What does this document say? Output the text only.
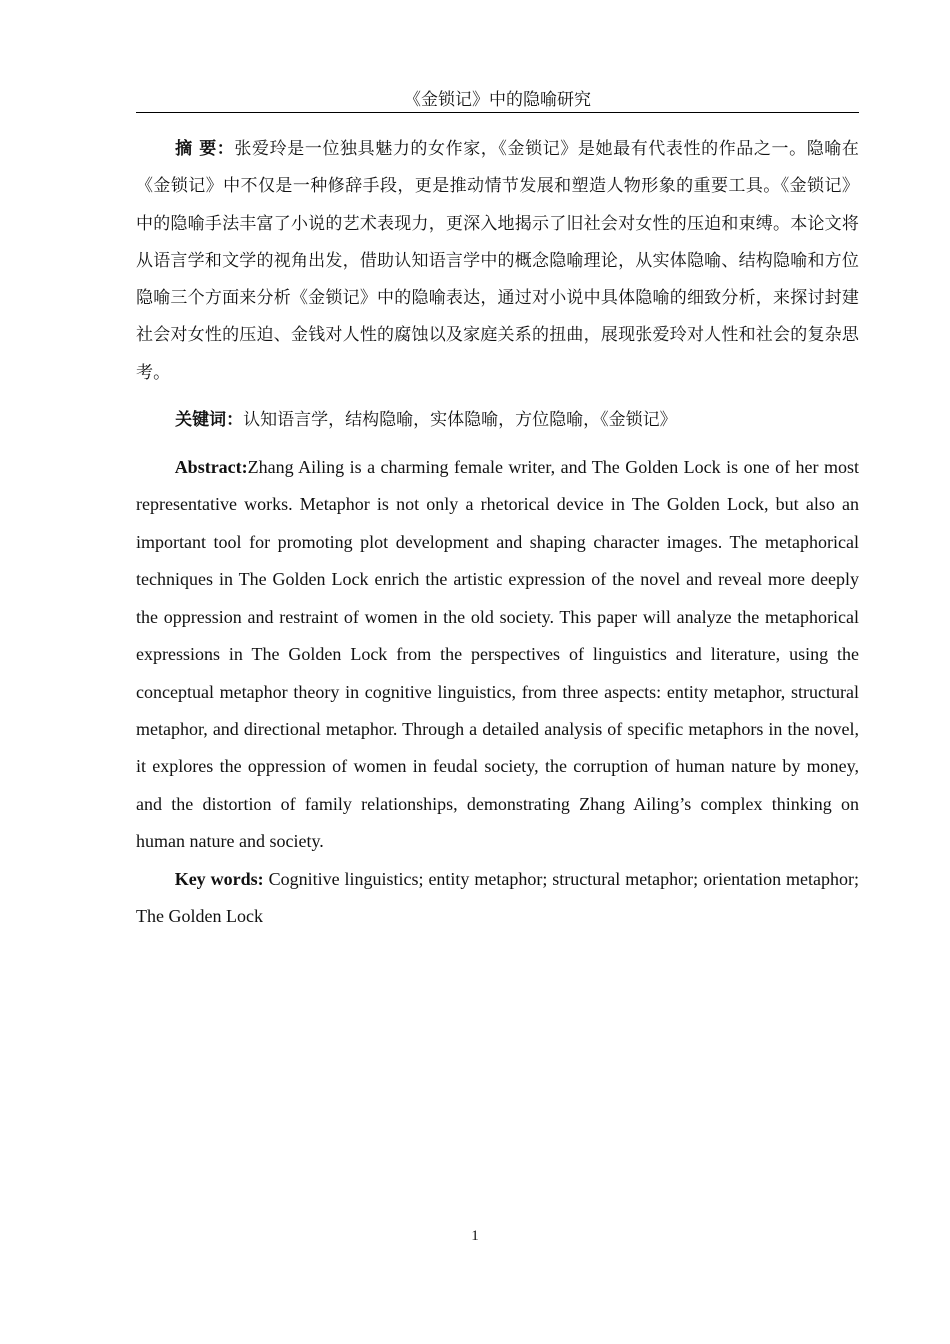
《金锁记》中的隐喻研究

摘 要：张爱玲是一位独具魅力的女作家，《金锁记》是她最有代表性的作品之一。隐喻在《金锁记》中不仅是一种修辞手段，更是推动情节发展和塑造人物形象的重要工具。《金锁记》中的隐喻手法丰富了小说的艺术表现力，更深入地揭示了旧社会对女性的压迫和束缚。本论文将从语言学和文学的视角出发，借助认知语言学中的概念隐喻理论，从实体隐喻、结构隐喻和方位隐喻三个方面来分析《金锁记》中的隐喻表达，通过对小说中具体隐喻的细致分析，来探讨封建社会对女性的压迫、金钱对人性的腐蚀以及家庭关系的扭曲，展现张爱玲对人性和社会的复杂思考。

关键词：认知语言学，结构隐喻，实体隐喻，方位隐喻，《金锁记》

Abstract:Zhang Ailing is a charming female writer, and The Golden Lock is one of her most representative works. Metaphor is not only a rhetorical device in The Golden Lock, but also an important tool for promoting plot development and shaping character images. The metaphorical techniques in The Golden Lock enrich the artistic expression of the novel and reveal more deeply the oppression and restraint of women in the old society. This paper will analyze the metaphorical expressions in The Golden Lock from the perspectives of linguistics and literature, using the conceptual metaphor theory in cognitive linguistics, from three aspects: entity metaphor, structural metaphor, and directional metaphor. Through a detailed analysis of specific metaphors in the novel, it explores the oppression of women in feudal society, the corruption of human nature by money, and the distortion of family relationships, demonstrating Zhang Ailing’s complex thinking on human nature and society.

Key words: Cognitive linguistics; entity metaphor; structural metaphor; orientation metaphor; The Golden Lock

1
